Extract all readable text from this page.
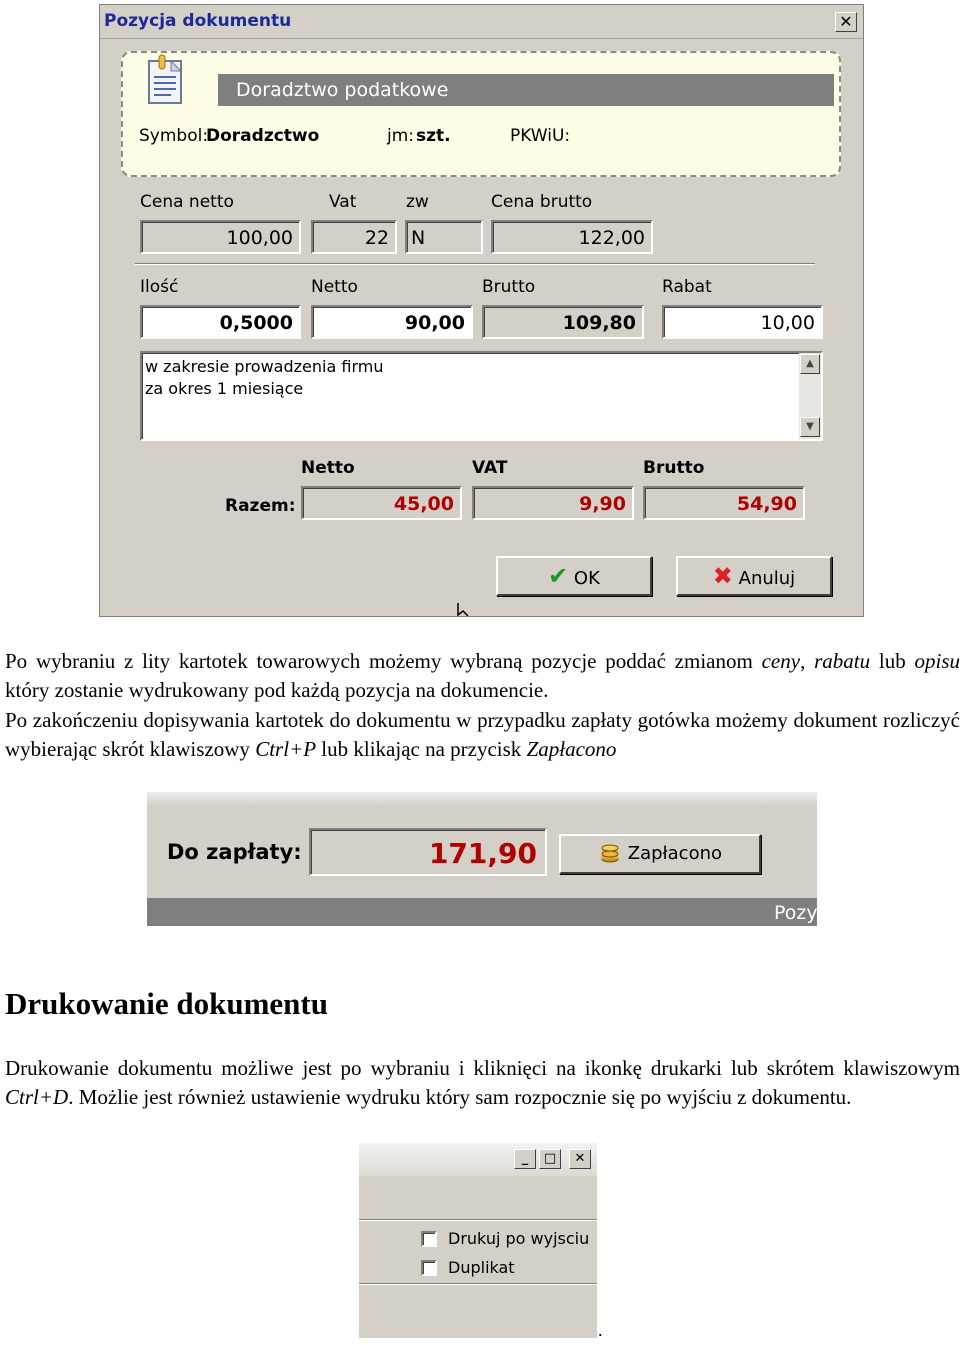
Pozycja dokumentu	✕
Doradztwo podatkowe
Symbol:
Doradzctwo	jm: szt.	PKWiU:
Cena netto	Vat	zw	Cena brutto
100,00	22	N	122,00
Ilość	Netto	Brutto	Rabat
0,5000	90,00	109,80	10,00
w zakresie prowadzenia firmu
za okres 1 miesiące
▲
▼
Netto	VAT	Brutto
Razem:	45,00	9,90	54,90
✔ OK	✖ Anuluj
Po wybraniu z lity kartotek towarowych możemy wybraną pozycje poddać zmianom ceny, rabatu lub opisu który zostanie wydrukowany pod każdą pozycja na dokumencie.
Po zakończeniu dopisywania kartotek do dokumentu w przypadku zapłaty gotówka możemy dokument rozliczyć wybierając skrót klawiszowy Ctrl+P lub klikając na przycisk Zapłacono
Do zapłaty:	171,90	Zapłacono
Pozy
Drukowanie dokumentu
Drukowanie dokumentu możliwe jest po wybraniu i kliknięci na ikonkę drukarki lub skrótem klawiszowym Ctrl+D. Możlie jest również ustawienie wydruku który sam rozpocznie się po wyjściu z dokumentu.
_	□	✕
Drukuj po wyjsciu
Duplikat
.
